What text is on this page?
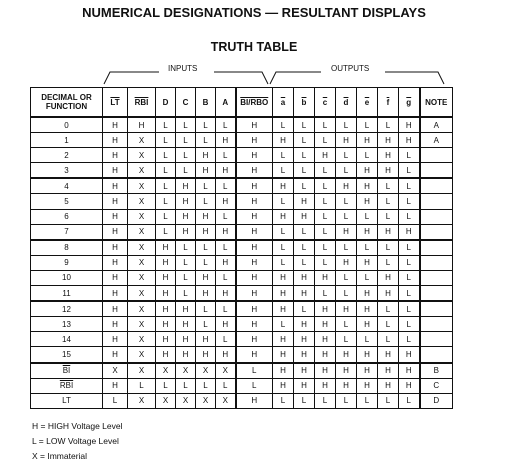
NUMERICAL DESIGNATIONS — RESULTANT DISPLAYS
TRUTH TABLE
INPUTS	OUTPUTS
DECIMAL OR FUNCTION	$\overline{LT}$	$\overline{RBI}$	D	C	B	A	BI/RBO	$\overline{a}$	$\overline{b}$	$\overline{c}$	$\overline{d}$	$\overline{e}$	$\overline{f}$	$\overline{g}$	NOTE
0	H	H	L	L	L	L	H	L	L	L	L	L	L	H	A
1	H	X	L	L	L	H	H	H	L	L	H	H	H	H	A
2	H	X	L	L	H	L	H	L	L	H	L	L	H	L	
3	H	X	L	L	H	H	H	L	L	L	L	H	H	L	
4	H	X	L	H	L	L	H	H	L	L	H	H	L	L	
5	H	X	L	H	L	H	H	L	H	L	L	H	L	L	
6	H	X	L	H	H	L	H	H	H	L	L	L	L	L	
7	H	X	L	H	H	H	H	L	L	L	H	H	H	H	
8	H	X	H	L	L	L	H	L	L	L	L	L	L	L	
9	H	X	H	L	L	H	H	L	L	L	H	H	L	L	
10	H	X	H	L	H	L	H	H	H	H	L	L	H	L	
11	H	X	H	L	H	H	H	H	H	L	L	H	H	L	
12	H	X	H	H	L	L	H	H	L	H	H	H	L	L	
13	H	X	H	H	L	H	H	L	H	H	L	H	L	L	
14	H	X	H	H	H	L	H	H	H	H	L	L	L	L	
15	H	X	H	H	H	H	H	H	H	H	H	H	H	H	
$\overline{BI}$	X	X	X	X	X	X	L	H	H	H	H	H	H	H	B
$\overline{RBI}$	H	L	L	L	L	L	L	H	H	H	H	H	H	H	C
LT	L	X	X	X	X	X	H	L	L	L	L	L	L	L	D
H = HIGH Voltage Level
L = LOW Voltage Level
X = Immaterial
